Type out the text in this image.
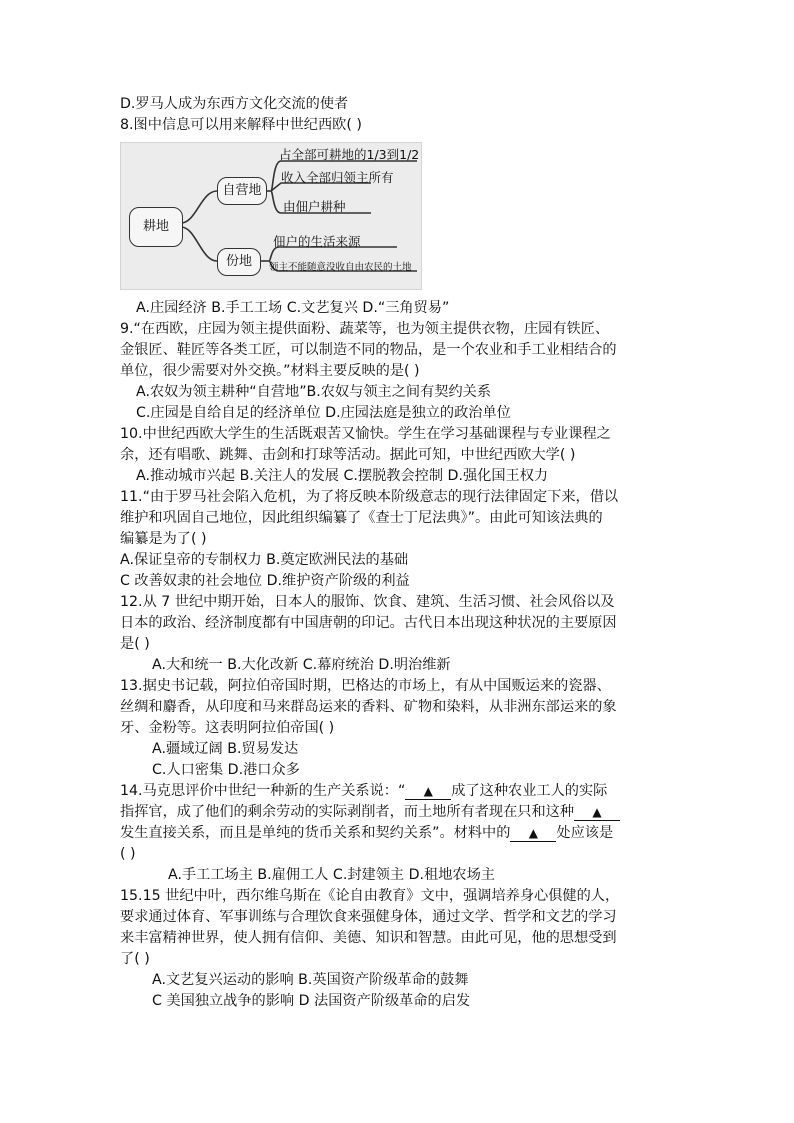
D.罗马人成为东西方文化交流的使者
8.图中信息可以用来解释中世纪西欧( )
耕地
自营地
份地
占全部可耕地的1/3到1/2
收入全部归领主所有
由佃户耕种
佃户的生活来源
领主不能随意没收自由农民的土地
A.庄园经济 B.手工工场 C.文艺复兴 D.“三角贸易”
9.“在西欧，庄园为领主提供面粉、蔬菜等，也为领主提供衣物，庄园有铁匠、
金银匠、鞋匠等各类工匠，可以制造不同的物品，是一个农业和手工业相结合的
单位，很少需要对外交换。”材料主要反映的是( )
A.农奴为领主耕种“自营地”B.农奴与领主之间有契约关系
C.庄园是自给自足的经济单位 D.庄园法庭是独立的政治单位
10.中世纪西欧大学生的生活既艰苦又愉快。学生在学习基础课程与专业课程之
余，还有唱歌、跳舞、击剑和打球等活动。据此可知，中世纪西欧大学( )
A.推动城市兴起 B.关注人的发展 C.摆脱教会控制 D.强化国王权力
11.“由于罗马社会陷入危机，为了将反映本阶级意志的现行法律固定下来，借以
维护和巩固自己地位，因此组织编纂了《查士丁尼法典》”。由此可知该法典的
编纂是为了( )
A.保证皇帝的专制权力 B.奠定欧洲民法的基础
C 改善奴隶的社会地位 D.维护资产阶级的利益
12.从 7 世纪中期开始，日本人的服饰、饮食、建筑、生活习惯、社会风俗以及
日本的政治、经济制度都有中国唐朝的印记。古代日本出现这种状况的主要原因
是( )
A.大和统一 B.大化改新 C.幕府统治 D.明治维新
13.据史书记载，阿拉伯帝国时期，巴格达的市场上，有从中国贩运来的瓷器、
丝绸和麝香，从印度和马来群岛运来的香料、矿物和染料，从非洲东部运来的象
牙、金粉等。这表明阿拉伯帝国( )
A.疆域辽阔 B.贸易发达
C.人口密集 D.港口众多
14.马克思评价中世纪一种新的生产关系说：“ ▲ 成了这种农业工人的实际
指挥官，成了他们的剩余劳动的实际剥削者，而土地所有者现在只和这种 ▲
发生直接关系，而且是单纯的货币关系和契约关系”。材料中的 ▲ 处应该是
( )
A.手工工场主 B.雇佣工人 C.封建领主 D.租地农场主
15.15 世纪中叶，西尔维乌斯在《论自由教育》文中，强调培养身心俱健的人，
要求通过体育、军事训练与合理饮食来强健身体，通过文学、哲学和文艺的学习
来丰富精神世界，使人拥有信仰、美德、知识和智慧。由此可见，他的思想受到
了( )
A.文艺复兴运动的影响 B.英国资产阶级革命的鼓舞
C 美国独立战争的影响 D 法国资产阶级革命的启发
